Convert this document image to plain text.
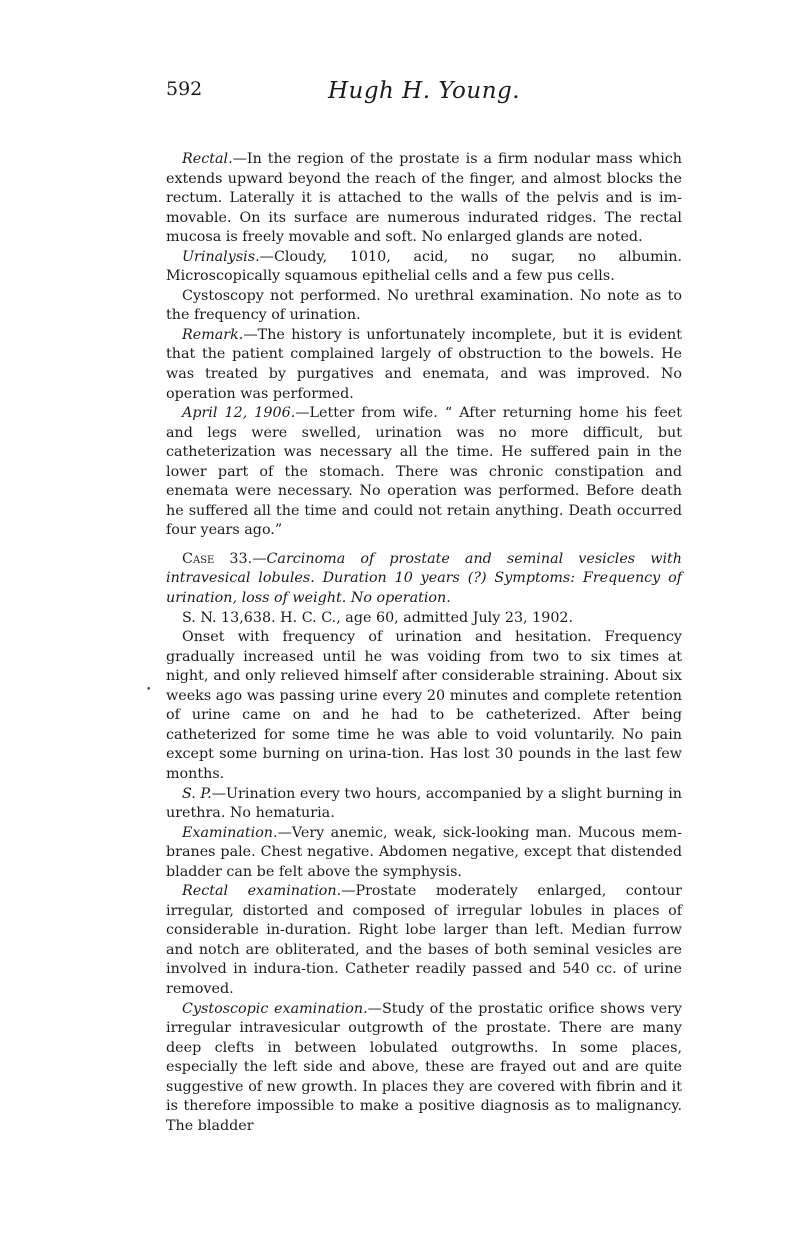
592	Hugh H. Young.
•

Rectal.—In the region of the prostate is a firm nodular mass which extends upward beyond the reach of the finger, and almost blocks the rectum. Laterally it is attached to the walls of the pelvis and is im-movable. On its surface are numerous indurated ridges. The rectal mucosa is freely movable and soft. No enlarged glands are noted.

Urinalysis.—Cloudy, 1010, acid, no sugar, no albumin. Microscopically squamous epithelial cells and a few pus cells.

Cystoscopy not performed. No urethral examination. No note as to the frequency of urination.

Remark.—The history is unfortunately incomplete, but it is evident that the patient complained largely of obstruction to the bowels. He was treated by purgatives and enemata, and was improved. No operation was performed.

April 12, 1906.—Letter from wife. “ After returning home his feet and legs were swelled, urination was no more difficult, but catheterization was necessary all the time. He suffered pain in the lower part of the stomach. There was chronic constipation and enemata were necessary. No operation was performed. Before death he suffered all the time and could not retain anything. Death occurred four years ago.”

Case 33.—Carcinoma of prostate and seminal vesicles with intravesical lobules. Duration 10 years (?) Symptoms: Frequency of urination, loss of weight. No operation.

S. N. 13,638. H. C. C., age 60, admitted July 23, 1902.

Onset with frequency of urination and hesitation. Frequency gradually increased until he was voiding from two to six times at night, and only relieved himself after considerable straining. About six weeks ago was passing urine every 20 minutes and complete retention of urine came on and he had to be catheterized. After being catheterized for some time he was able to void voluntarily. No pain except some burning on urina-tion. Has lost 30 pounds in the last few months.

S. P.—Urination every two hours, accompanied by a slight burning in urethra. No hematuria.

Examination.—Very anemic, weak, sick-looking man. Mucous mem-branes pale. Chest negative. Abdomen negative, except that distended bladder can be felt above the symphysis.

Rectal examination.—Prostate moderately enlarged, contour irregular, distorted and composed of irregular lobules in places of considerable in-duration. Right lobe larger than left. Median furrow and notch are obliterated, and the bases of both seminal vesicles are involved in indura-tion. Catheter readily passed and 540 cc. of urine removed.

Cystoscopic examination.—Study of the prostatic orifice shows very irregular intravesicular outgrowth of the prostate. There are many deep clefts in between lobulated outgrowths. In some places, especially the left side and above, these are frayed out and are quite suggestive of new growth. In places they are covered with fibrin and it is therefore impossible to make a positive diagnosis as to malignancy. The bladder
